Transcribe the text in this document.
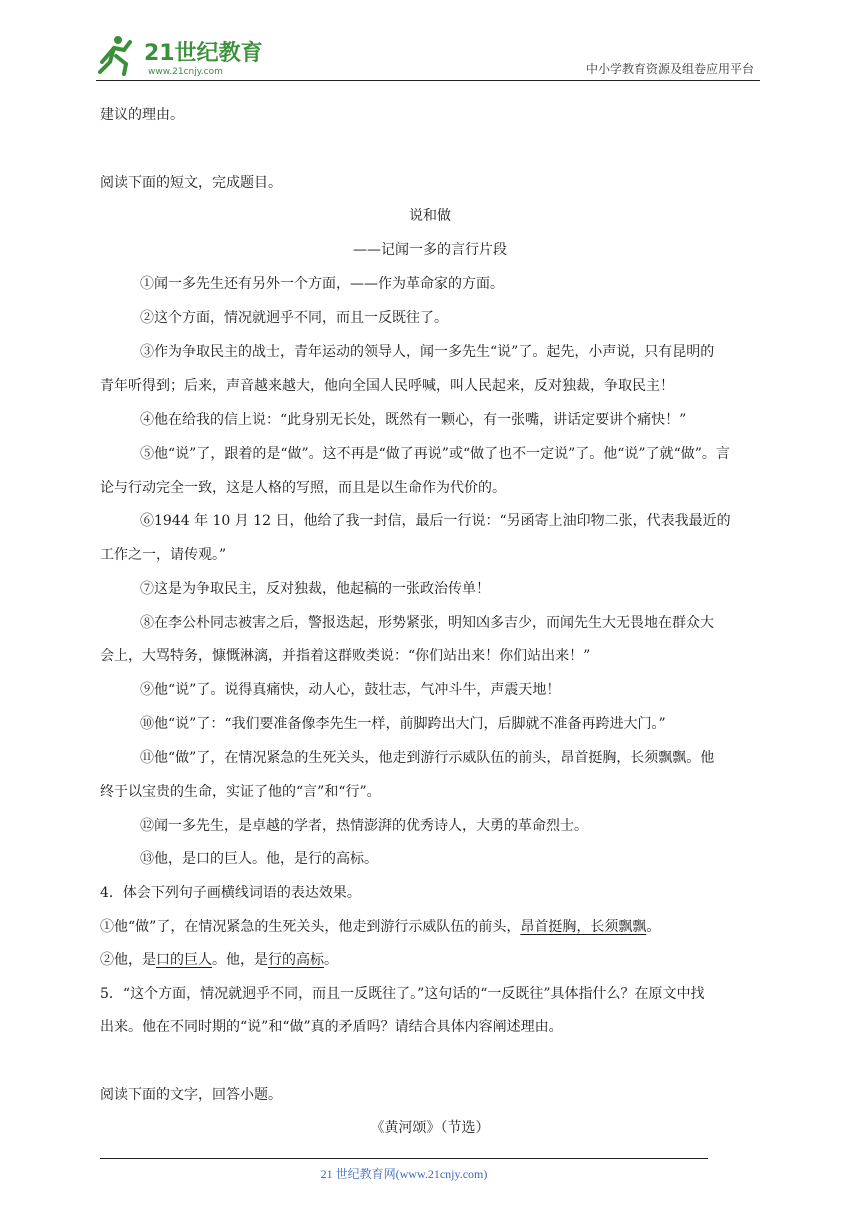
21世纪教育
www.21cnjy.com	中小学教育资源及组卷应用平台
建议的理由。
阅读下面的短文，完成题目。
说和做
——记闻一多的言行片段
①闻一多先生还有另外一个方面，——作为革命家的方面。
②这个方面，情况就迥乎不同，而且一反既往了。
③作为争取民主的战士，青年运动的领导人，闻一多先生“说”了。起先，小声说，只有昆明的
青年听得到；后来，声音越来越大，他向全国人民呼喊，叫人民起来，反对独裁，争取民主！
④他在给我的信上说：“此身别无长处，既然有一颗心，有一张嘴，讲话定要讲个痛快！”
⑤他“说”了，跟着的是“做”。这不再是“做了再说”或“做了也不一定说”了。他“说”了就“做”。言
论与行动完全一致，这是人格的写照，而且是以生命作为代价的。
⑥1944 年 10 月 12 日，他给了我一封信，最后一行说：“另函寄上油印物二张，代表我最近的
工作之一，请传观。”
⑦这是为争取民主，反对独裁，他起稿的一张政治传单！
⑧在李公朴同志被害之后，警报迭起，形势紧张，明知凶多吉少，而闻先生大无畏地在群众大
会上，大骂特务，慷慨淋漓，并指着这群败类说：“你们站出来！你们站出来！”
⑨他“说”了。说得真痛快，动人心，鼓壮志，气冲斗牛，声震天地！
⑩他“说”了：“我们要准备像李先生一样，前脚跨出大门，后脚就不准备再跨进大门。”
⑪他“做”了，在情况紧急的生死关头，他走到游行示威队伍的前头，昂首挺胸，长须飘飘。他
终于以宝贵的生命，实证了他的“言”和“行”。
⑫闻一多先生，是卓越的学者，热情澎湃的优秀诗人，大勇的革命烈士。
⑬他，是口的巨人。他，是行的高标。
4．体会下列句子画横线词语的表达效果。
①他“做”了，在情况紧急的生死关头，他走到游行示威队伍的前头，昂首挺胸，长须飘飘。
②他，是口的巨人。他，是行的高标。
5．“这个方面，情况就迥乎不同，而且一反既往了。”这句话的“一反既往”具体指什么？在原文中找
出来。他在不同时期的“说”和“做”真的矛盾吗？请结合具体内容阐述理由。
阅读下面的文字，回答小题。
《黄河颂》（节选）
21 世纪教育网(www.21cnjy.com)
